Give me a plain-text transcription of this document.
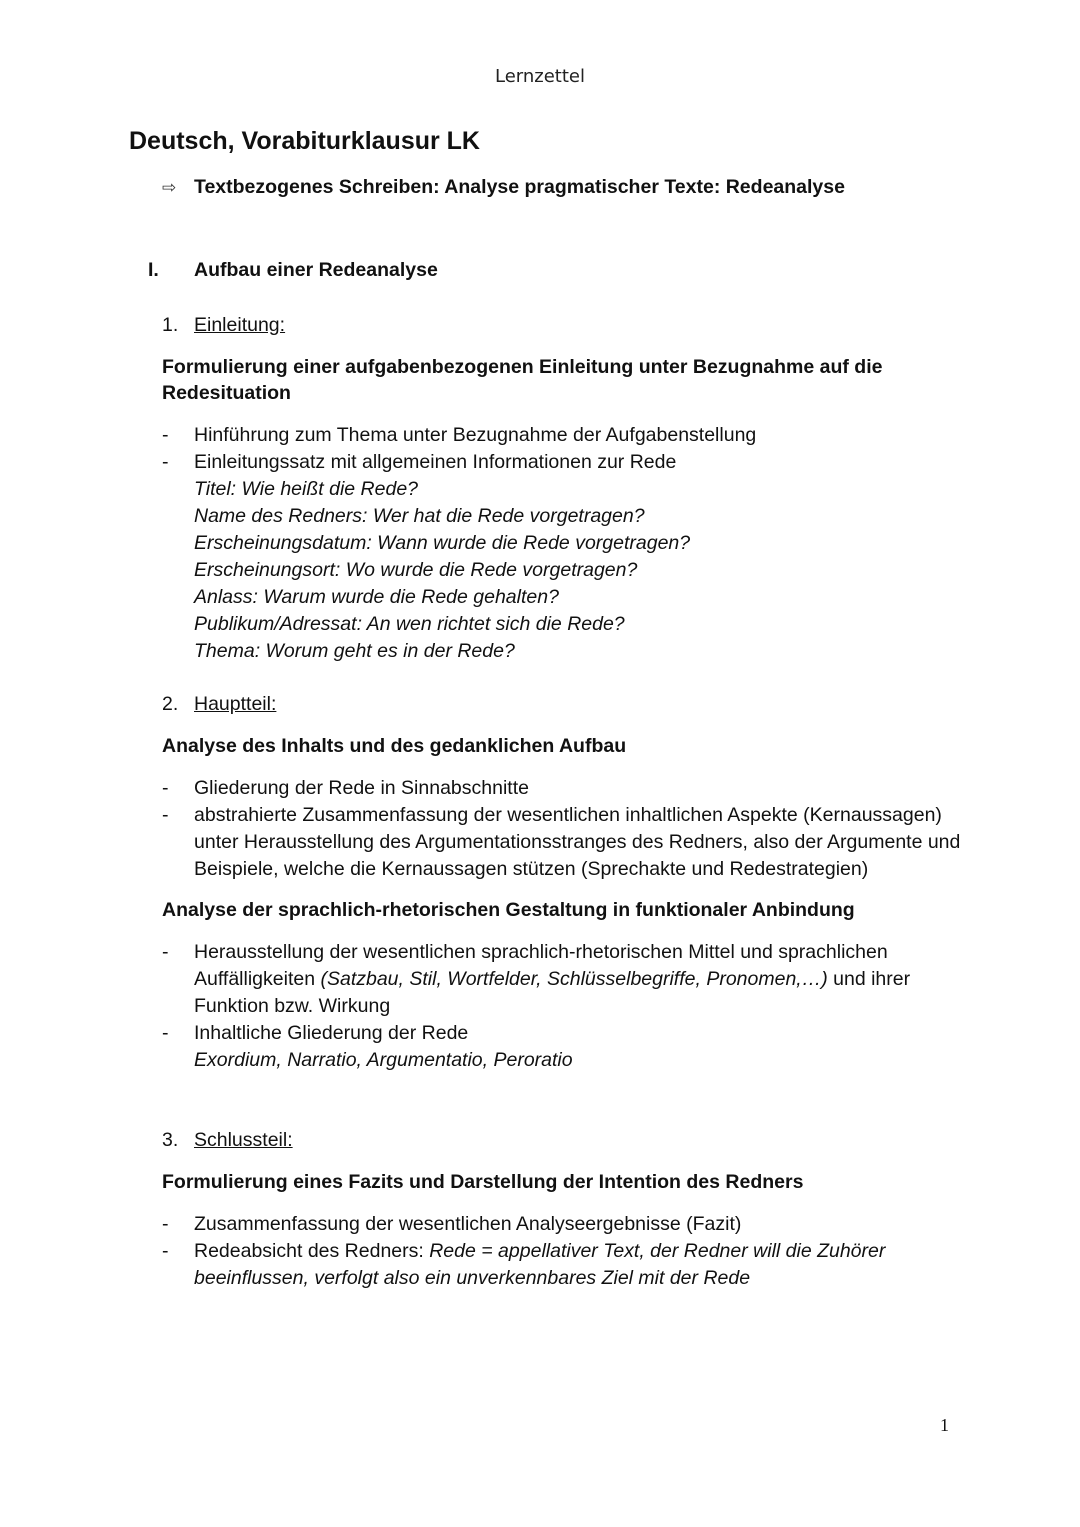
Lernzettel
Deutsch, Vorabiturklausur LK
⇨ Textbezogenes Schreiben: Analyse pragmatischer Texte: Redeanalyse
I. Aufbau einer Redeanalyse
1. Einleitung:
Formulierung einer aufgabenbezogenen Einleitung unter Bezugnahme auf die Redesituation
- Hinführung zum Thema unter Bezugnahme der Aufgabenstellung
- Einleitungssatz mit allgemeinen Informationen zur Rede
Titel: Wie heißt die Rede?
Name des Redners: Wer hat die Rede vorgetragen?
Erscheinungsdatum: Wann wurde die Rede vorgetragen?
Erscheinungsort: Wo wurde die Rede vorgetragen?
Anlass: Warum wurde die Rede gehalten?
Publikum/Adressat: An wen richtet sich die Rede?
Thema: Worum geht es in der Rede?
2. Hauptteil:
Analyse des Inhalts und des gedanklichen Aufbau
- Gliederung der Rede in Sinnabschnitte
- abstrahierte Zusammenfassung der wesentlichen inhaltlichen Aspekte (Kernaussagen) unter Herausstellung des Argumentationsstranges des Redners, also der Argumente und Beispiele, welche die Kernaussagen stützen (Sprechakte und Redestrategien)
Analyse der sprachlich-rhetorischen Gestaltung in funktionaler Anbindung
- Herausstellung der wesentlichen sprachlich-rhetorischen Mittel und sprachlichen Auffälligkeiten (Satzbau, Stil, Wortfelder, Schlüsselbegriffe, Pronomen,…) und ihrer Funktion bzw. Wirkung
- Inhaltliche Gliederung der Rede
Exordium, Narratio, Argumentatio, Peroratio
3. Schlussteil:
Formulierung eines Fazits und Darstellung der Intention des Redners
- Zusammenfassung der wesentlichen Analyseergebnisse (Fazit)
- Redeabsicht des Redners: Rede = appellativer Text, der Redner will die Zuhörer beeinflussen, verfolgt also ein unverkennbares Ziel mit der Rede
1
